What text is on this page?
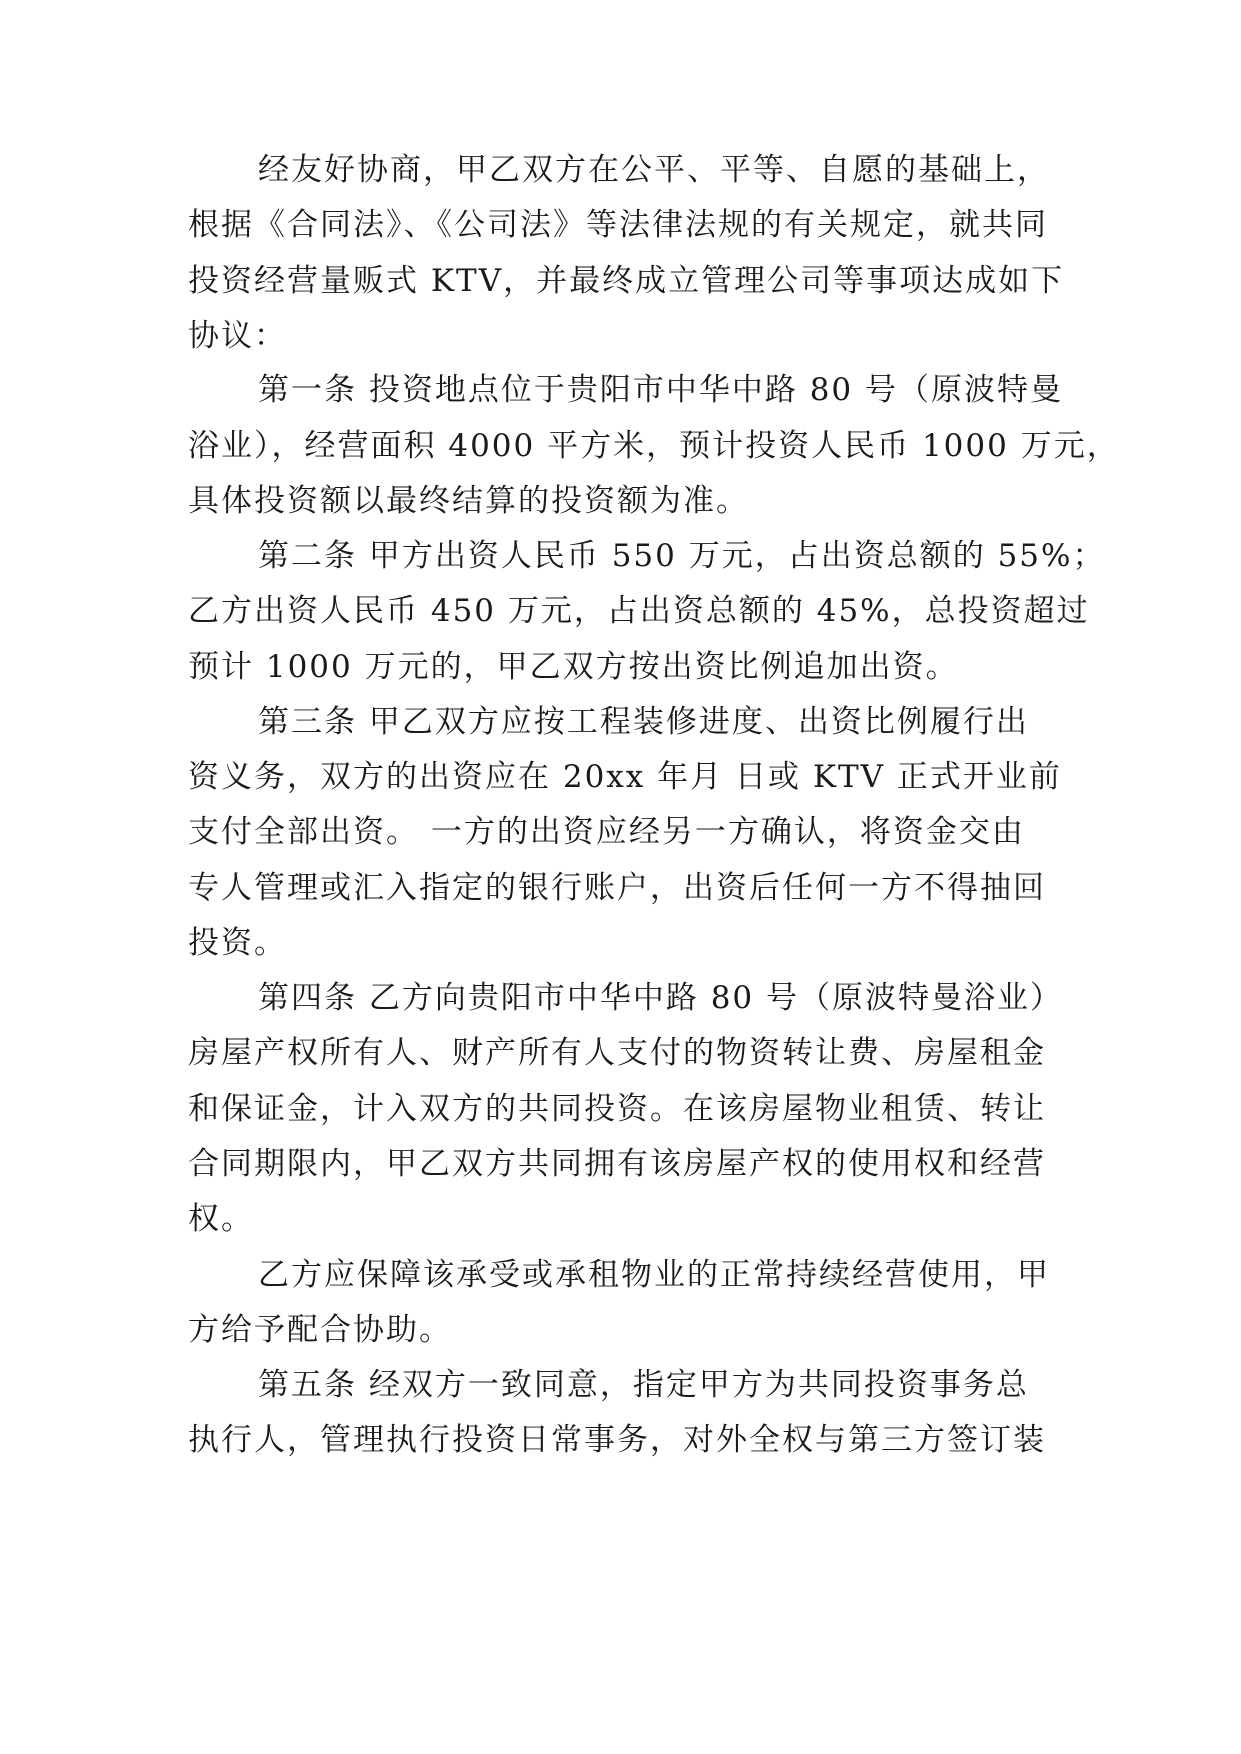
经友好协商，甲乙双方在公平、平等、自愿的基础上，
根据《合同法》、《公司法》等法律法规的有关规定，就共同
投资经营量贩式 KTV，并最终成立管理公司等事项达成如下
协议：
第一条 投资地点位于贵阳市中华中路 80 号（原波特曼
浴业），经营面积 4000 平方米，预计投资人民币 1000 万元，
具体投资额以最终结算的投资额为准。
第二条 甲方出资人民币 550 万元，占出资总额的 55%；
乙方出资人民币 450 万元，占出资总额的 45%，总投资超过
预计 1000 万元的，甲乙双方按出资比例追加出资。
第三条 甲乙双方应按工程装修进度、出资比例履行出
资义务，双方的出资应在 20xx 年月 日或 KTV 正式开业前
支付全部出资。 一方的出资应经另一方确认，将资金交由
专人管理或汇入指定的银行账户，出资后任何一方不得抽回
投资。
第四条 乙方向贵阳市中华中路 80 号（原波特曼浴业）
房屋产权所有人、财产所有人支付的物资转让费、房屋租金
和保证金，计入双方的共同投资。在该房屋物业租赁、转让
合同期限内，甲乙双方共同拥有该房屋产权的使用权和经营
权。
乙方应保障该承受或承租物业的正常持续经营使用，甲
方给予配合协助。
第五条 经双方一致同意，指定甲方为共同投资事务总
执行人，管理执行投资日常事务，对外全权与第三方签订装
